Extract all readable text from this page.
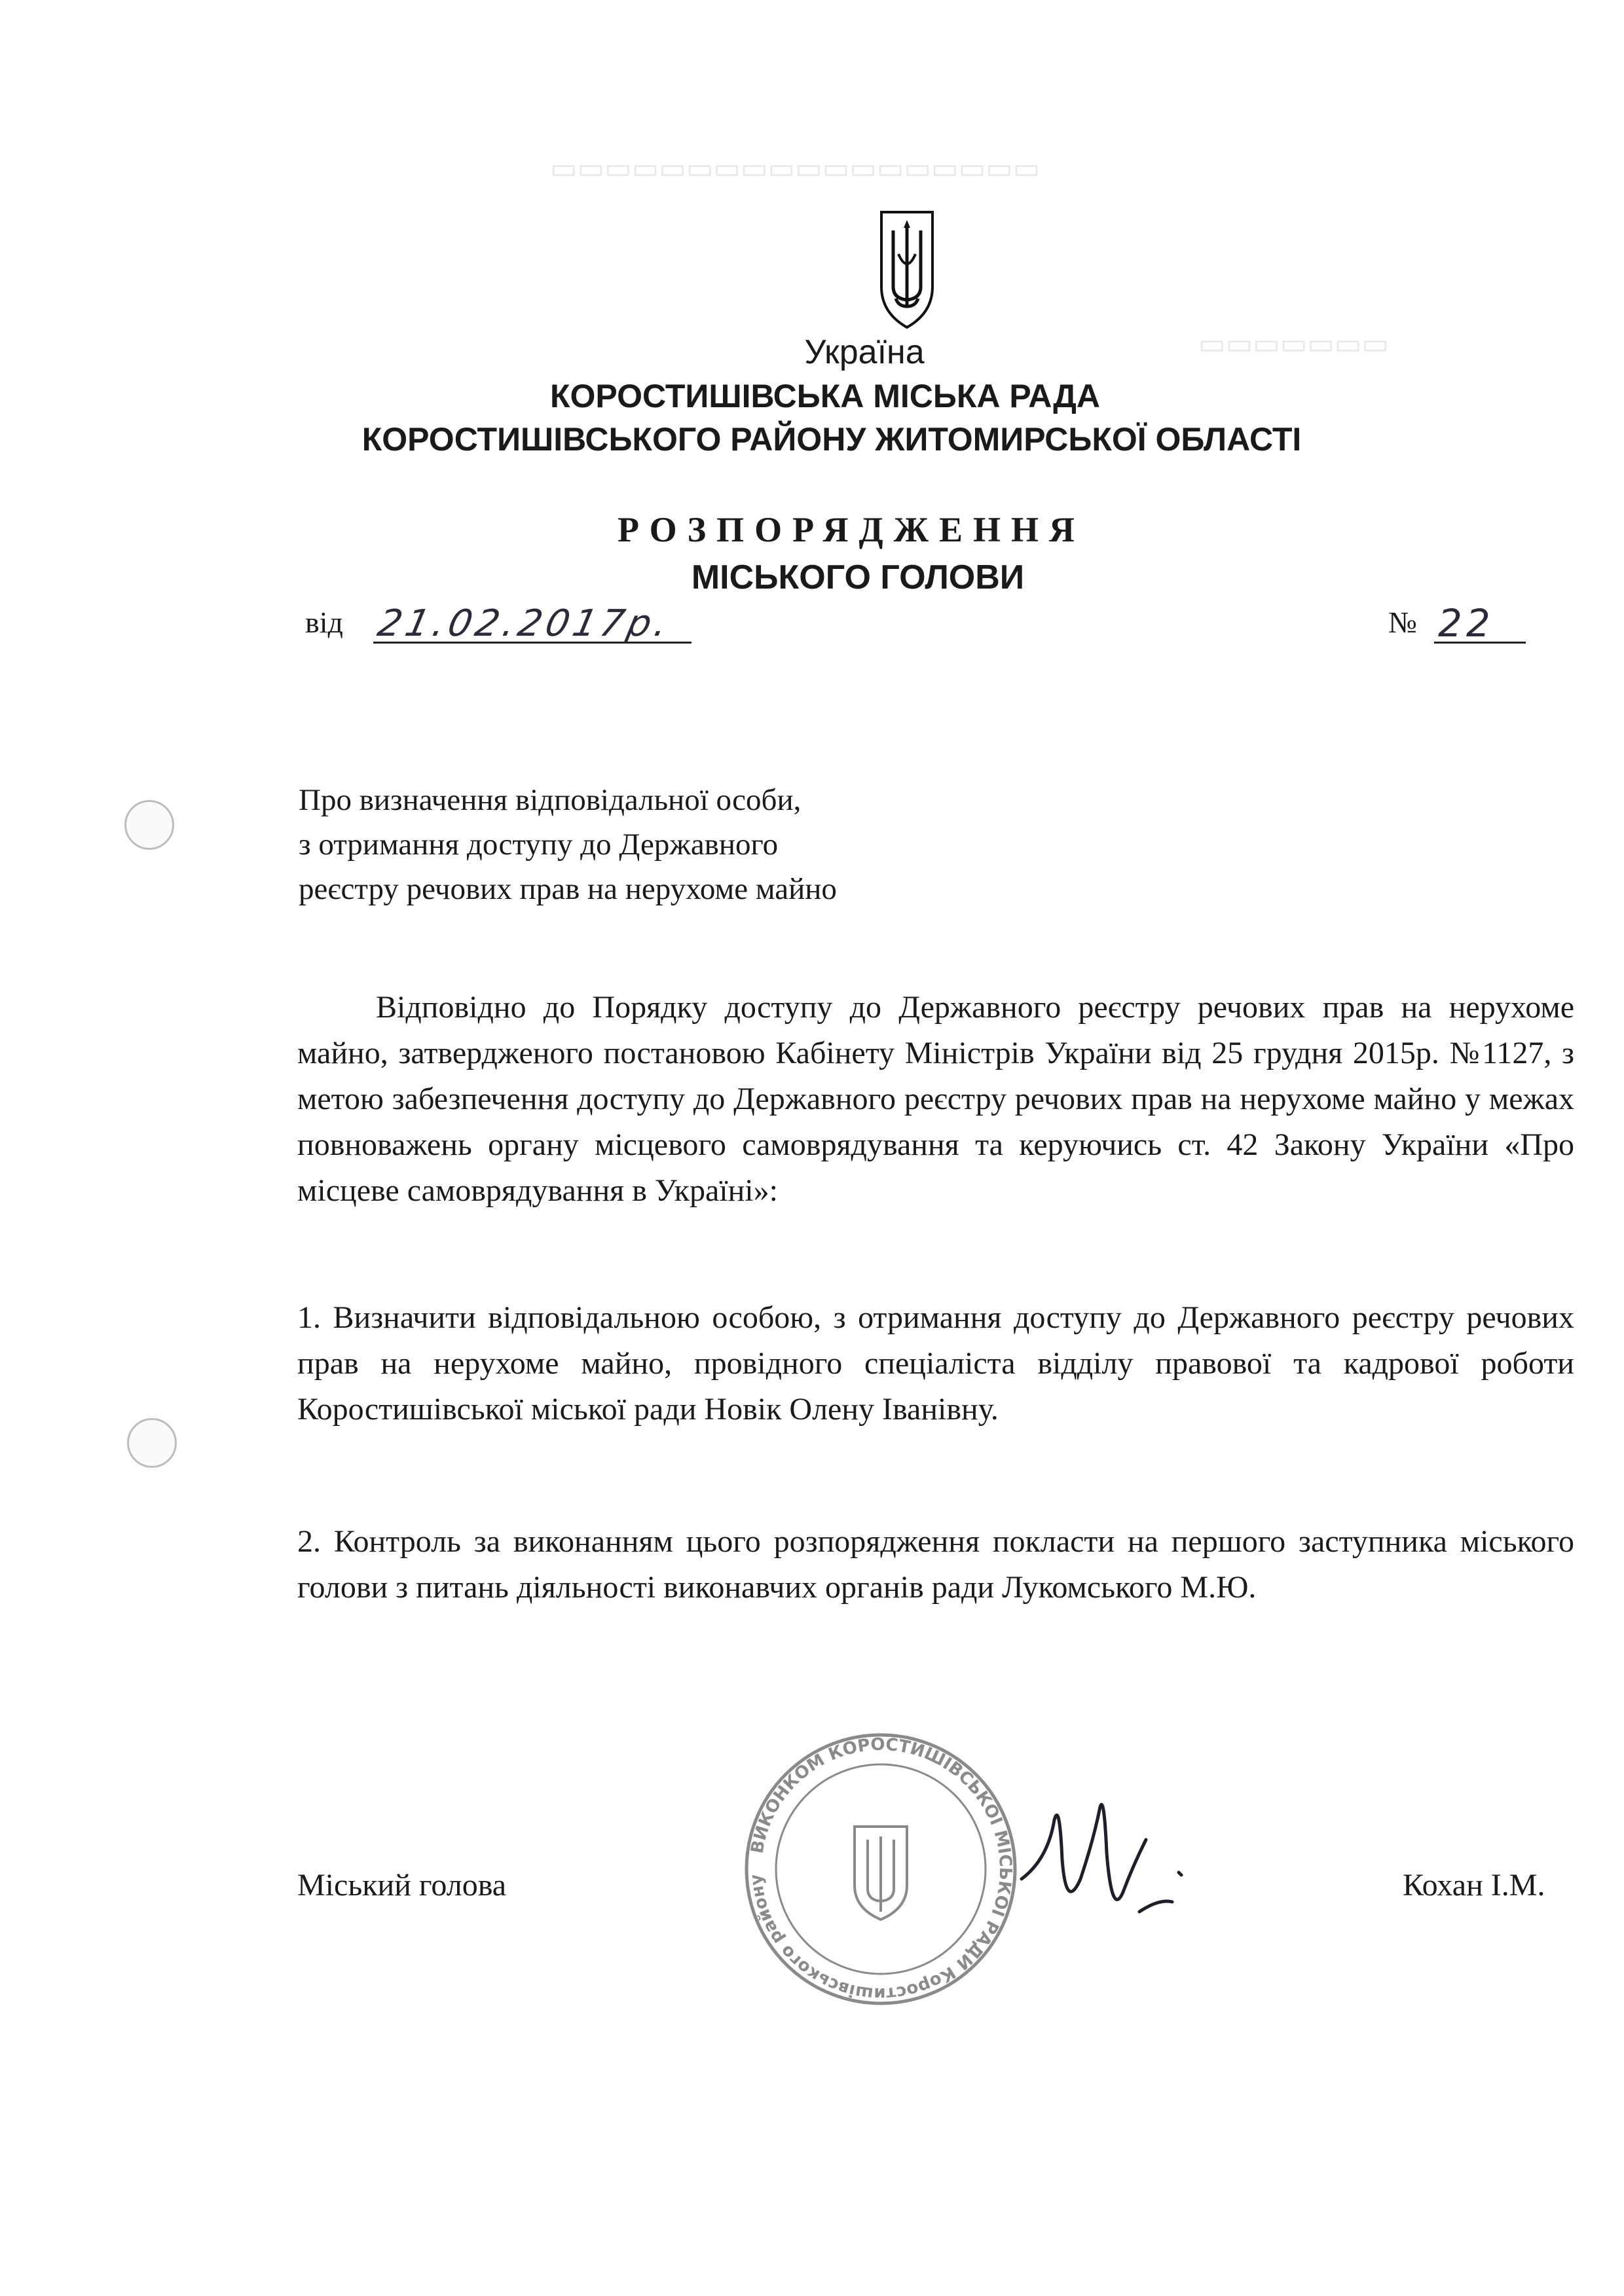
▭▭▭▭▭▭▭▭▭▭▭▭▭▭▭▭▭▭
▭▭▭▭▭▭▭
Україна
КОРОСТИШІВСЬКА МІСЬКА РАДА
КОРОСТИШІВСЬКОГО РАЙОНУ ЖИТОМИРСЬКОЇ ОБЛАСТІ
РОЗПОРЯДЖЕННЯ
МІСЬКОГО ГОЛОВИ
від 21.02.2017р.	№ 22
Про визначення відповідальної особи,
з отримання доступу до Державного
реєстру речових прав на нерухоме майно
Відповідно до Порядку доступу до Державного реєстру речових прав на нерухоме майно, затвердженого постановою Кабінету Міністрів України від 25 грудня 2015р. №1127, з метою забезпечення доступу до Державного реєстру речових прав на нерухоме майно у межах повноважень органу місцевого самоврядування та керуючись ст. 42 Закону України «Про місцеве самоврядування в Україні»:
1. Визначити відповідальною особою, з отримання доступу до Державного реєстру речових прав на нерухоме майно, провідного спеціаліста відділу правової та кадрової роботи Коростишівської міської ради Новік Олену Іванівну.
2. Контроль за виконанням цього розпорядження покласти на першого заступника міського голови з питань діяльності виконавчих органів ради Лукомського М.Ю.
ВИКОНКОМ КОРОСТИШІВСЬКОЇ МІСЬКОЇ РАДИ Коростишівського району
Міський голова	Кохан І.М.
